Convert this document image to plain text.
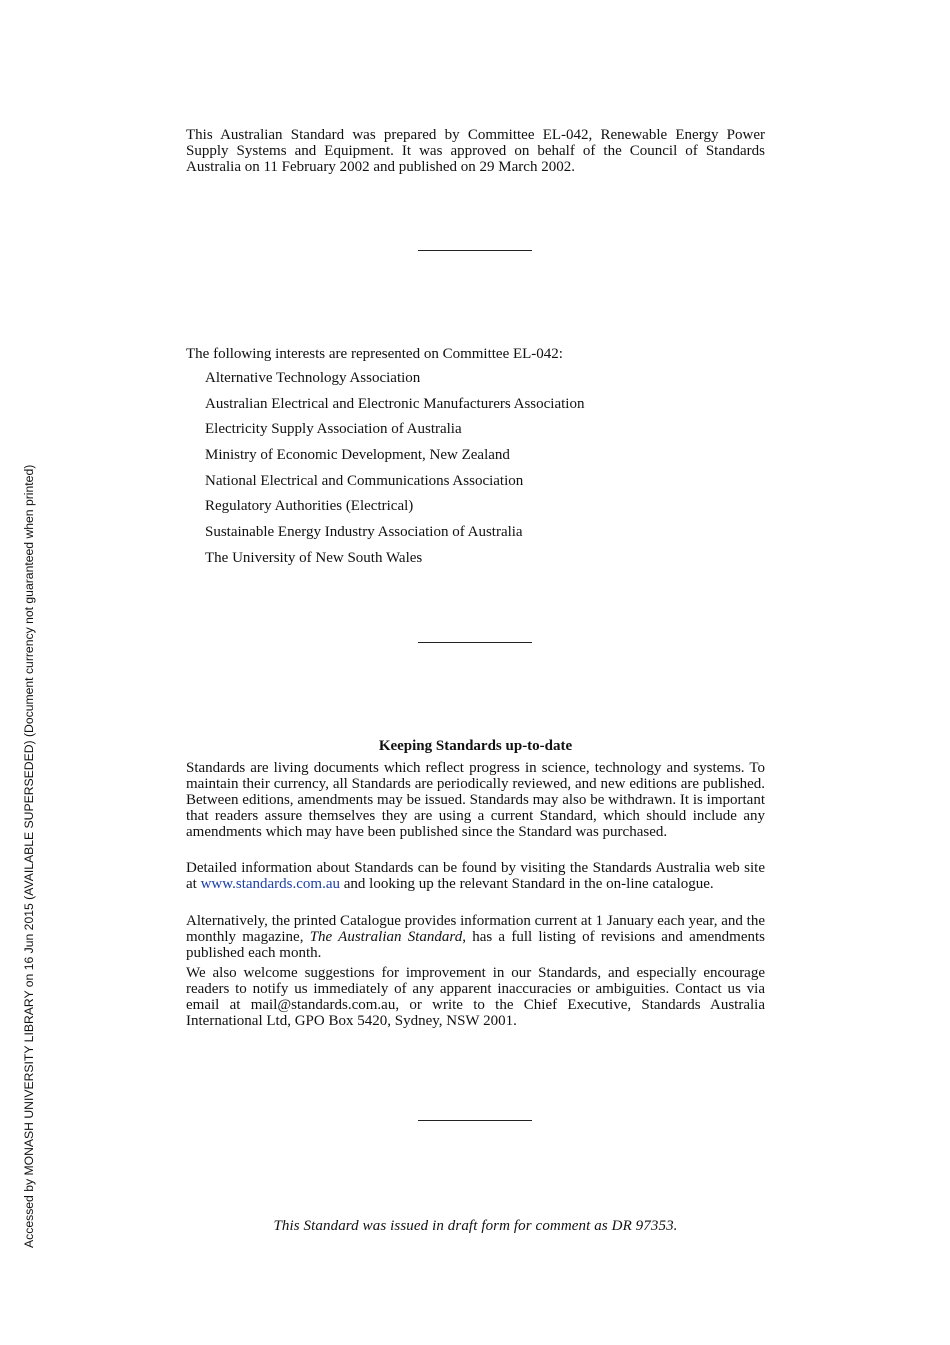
This Australian Standard was prepared by Committee EL-042, Renewable Energy Power Supply Systems and Equipment. It was approved on behalf of the Council of Standards Australia on 11 February 2002 and published on 29 March 2002.

The following interests are represented on Committee EL-042:

Alternative Technology Association
Australian Electrical and Electronic Manufacturers Association
Electricity Supply Association of Australia
Ministry of Economic Development, New Zealand
National Electrical and Communications Association
Regulatory Authorities (Electrical)
Sustainable Energy Industry Association of Australia
The University of New South Wales
Keeping Standards up-to-date

Standards are living documents which reflect progress in science, technology and systems. To maintain their currency, all Standards are periodically reviewed, and new editions are published. Between editions, amendments may be issued. Standards may also be withdrawn. It is important that readers assure themselves they are using a current Standard, which should include any amendments which may have been published since the Standard was purchased.

Detailed information about Standards can be found by visiting the Standards Australia web site at www.standards.com.au and looking up the relevant Standard in the on-line catalogue.

Alternatively, the printed Catalogue provides information current at 1 January each year, and the monthly magazine, The Australian Standard, has a full listing of revisions and amendments published each month.

We also welcome suggestions for improvement in our Standards, and especially encourage readers to notify us immediately of any apparent inaccuracies or ambiguities. Contact us via email at mail@standards.com.au, or write to the Chief Executive, Standards Australia International Ltd, GPO Box 5420, Sydney, NSW 2001.

This Standard was issued in draft form for comment as DR 97353.

Accessed by MONASH UNIVERSITY LIBRARY on 16 Jun 2015 (AVAILABLE SUPERSEDED) (Document currency not guaranteed when printed)
